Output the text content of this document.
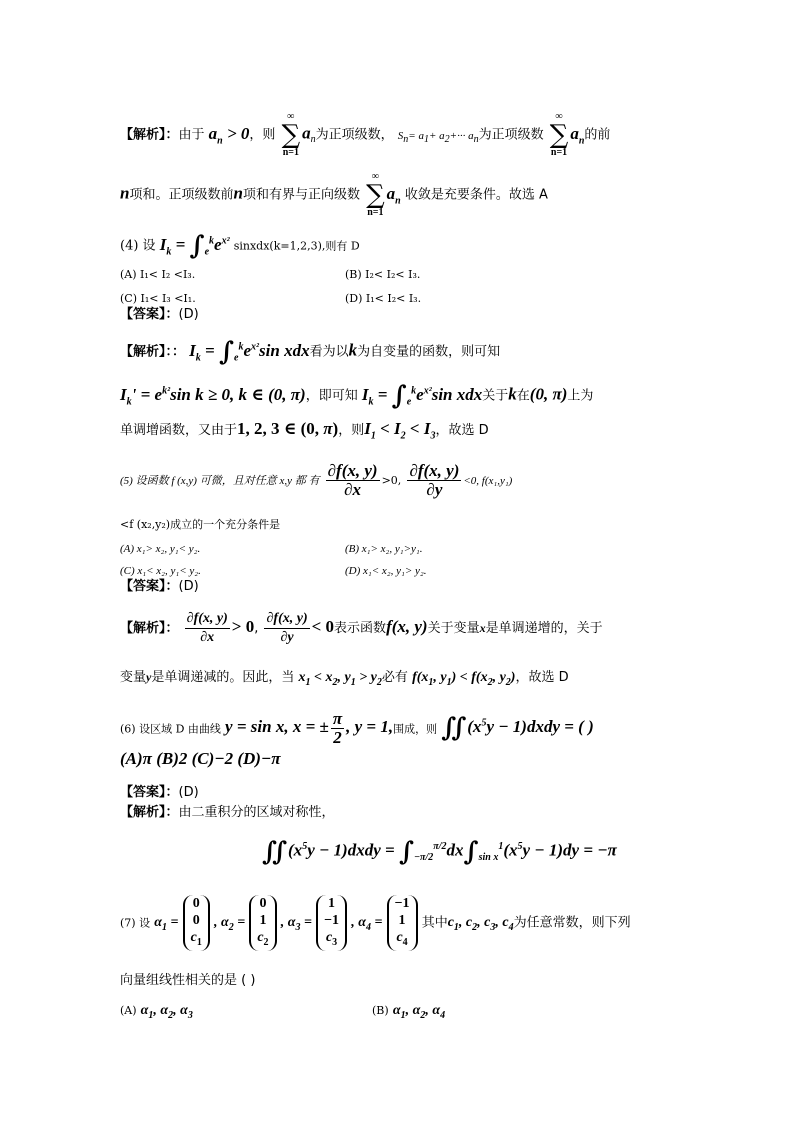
【解析】：由于 $a_n > 0$，则
∞
∑
n=1
$a_n$为正项级数， $S_n= a_1+ a_2+\cdot\cdot\cdot a_n$为正项级数
∞
∑
n=1
$a_n$的前
n项和。正项级数前n项和有界与正向级数
∞
∑
n=1
$a_n$ 收敛是充要条件。故选 A
(4) 设 $I_k = \int_e^ke^{x^2}$ sinxdx(k=1,2,3),则有 D
(A) I₁< I₂ <I₃.	(B) I₂< I₂< I₃.
(C) I₁< I₃ <I₁.	(D) I₁< I₂< I₃.
【答案】：(D)
【解析】：： $I_k = \int_e^ke^{x^2}\sin$ xdx看为以k为自变量的函数，则可知
$I_k' = e^{k^2}\sin$ k ≥ 0, k ∈ (0, π)，即可知 $I_k = \int_e^ke^{x^2}\sin$ xdx关于k在(0, π)上为
单调增函数，又由于1, 2, 3 ∈ (0, π)，则$I_1 < I_2 < I_3$，故选 D
(5) 设函数 f (x,y) 可微，且对任意 x,y 都 有 $\frac{\partial f(x, y)}{\partial x} >0$, $\frac{\partial f(x, y)}{\partial y} <0$, f(x₁,y₁)
<f (x₂,y₂)成立的一个充分条件是
(A) x₁> x₂, y₁< y₂.	(B) x₁> x₂, y₁>y₁.
(C) x₁< x₂, y₁< y₂.	(D) x₁< x₂, y₁> y₂.
【答案】：(D)
【解析】： $\frac{\partial f(x, y)}{\partial x} > 0$, $\frac{\partial f(x, y)}{\partial y} < 0$表示函数f(x, y)关于变量x是单调递增的，关于
变量y是单调递减的。因此，当 $x_1 < x_2$, $y_1 > y_2$必有 $f(x_1$, $y_1) < f(x_2$, $y_2$)，故选 D
(6) 设区域 D 由曲线 y = sin x, x = ± $\frac{\pi}{2}$ , y = 1,围成，则 $∬(x^5y$ − 1)dxdy = ( )
(A)π (B)2 (C)−2 (D)−π
【答案】：(D)
【解析】：由二重积分的区域对称性，
$∬(x^5y$ − 1)dxdy = $\int_{-\pi/2}^{\pi/2}dx\int_{sin x}^1(x^5y - 1)dy = -\pi$
(7) 设 $\alpha_1 = 0$
0
$c_1$ , $\alpha_2 = 0$
1
$c_2$ , $\alpha_3 = 1$
−1
$c_3$ , $\alpha_4 = -1$
1
$c_4$ 其中$c_1$, $c_2$, $c_3$, $c_4$为任意常数，则下列
向量组线性相关的是 ( )
(A) $\alpha_1$, $\alpha_2$, $\alpha_3$	(B) $\alpha_1$, $\alpha_2$, $\alpha_4$
